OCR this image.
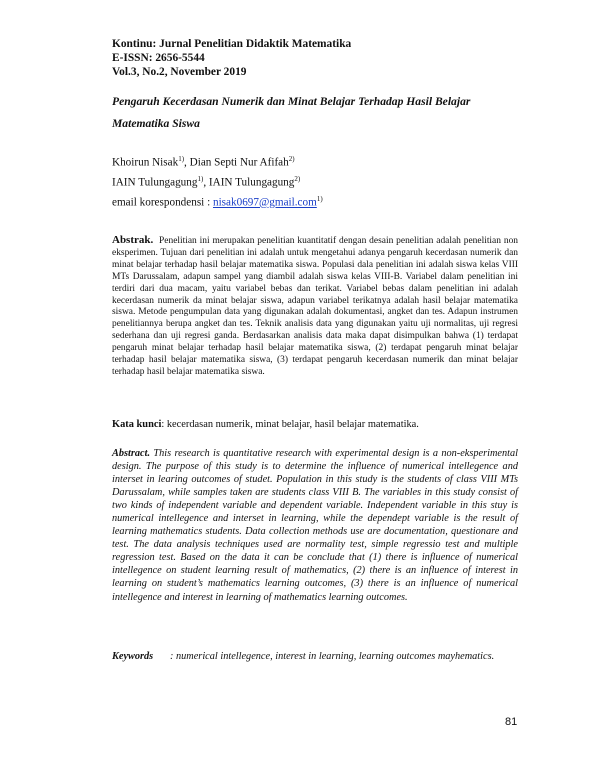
Kontinu: Jurnal Penelitian Didaktik Matematika
E-ISSN: 2656-5544
Vol.3, No.2, November 2019
Pengaruh Kecerdasan Numerik dan Minat Belajar Terhadap Hasil Belajar Matematika Siswa
Khoirun Nisak$^{1)}$, Dian Septi Nur Afifah$^{2)}$
IAIN Tulungagung$^{1)}$, IAIN Tulungagung$^{2)}$
email korespondensi : nisak0697@gmail.com$^{1)}$
Abstrak. Penelitian ini merupakan penelitian kuantitatif dengan desain penelitian adalah penelitian non eksperimen. Tujuan dari penelitian ini adalah untuk mengetahui adanya pengaruh kecerdasan numerik dan minat belajar terhadap hasil belajar matematika siswa. Populasi dala penelitian ini adalah siswa kelas VIII MTs Darussalam, adapun sampel yang diambil adalah siswa kelas VIII-B. Variabel dalam penelitian ini terdiri dari dua macam, yaitu variabel bebas dan terikat. Variabel bebas dalam penelitian ini adalah kecerdasan numerik da minat belajar siswa, adapun variabel terikatnya adalah hasil belajar matematika siswa. Metode pengumpulan data yang digunakan adalah dokumentasi, angket dan tes. Adapun instrumen penelitiannya berupa angket dan tes. Teknik analisis data yang digunakan yaitu uji normalitas, uji regresi sederhana dan uji regresi ganda. Berdasarkan analisis data maka dapat disimpulkan bahwa (1) terdapat pengaruh minat belajar terhadap hasil belajar matematika siswa, (2) terdapat pengaruh minat belajar terhadap hasil belajar matematika siswa, (3) terdapat pengaruh kecerdasan numerik dan minat belajar terhadap hasil belajar matematika siswa.
Kata kunci: kecerdasan numerik, minat belajar, hasil belajar matematika.
Abstract. This research is quantitative research with experimental design is a non-eksperimental design. The purpose of this study is to determine the influence of numerical intellegence and interset in learing outcomes of studet. Population in this study is the students of class VIII MTs Darussalam, while samples taken are students class VIII B. The variables in this study consist of two kinds of independent variable and dependent variable. Independent variable in this stuy is numerical intellegence and interset in learning, while the dependept variable is the result of learning mathematics students. Data collection methods use are documentation, questionare and test. The data analysis techniques used are normality test, simple regressio test and multiple regression test. Based on the data it can be conclude that (1) there is influence of numerical intellegence on student learning result of mathematics, (2) there is an influence of interest in learning on student’s mathematics learning outcomes, (3) there is an influence of numerical intellegence and interest in learning of mathematics learning outcomes.
Keywords	: numerical intellegence, interest in learning, learning outcomes mayhematics.
81
